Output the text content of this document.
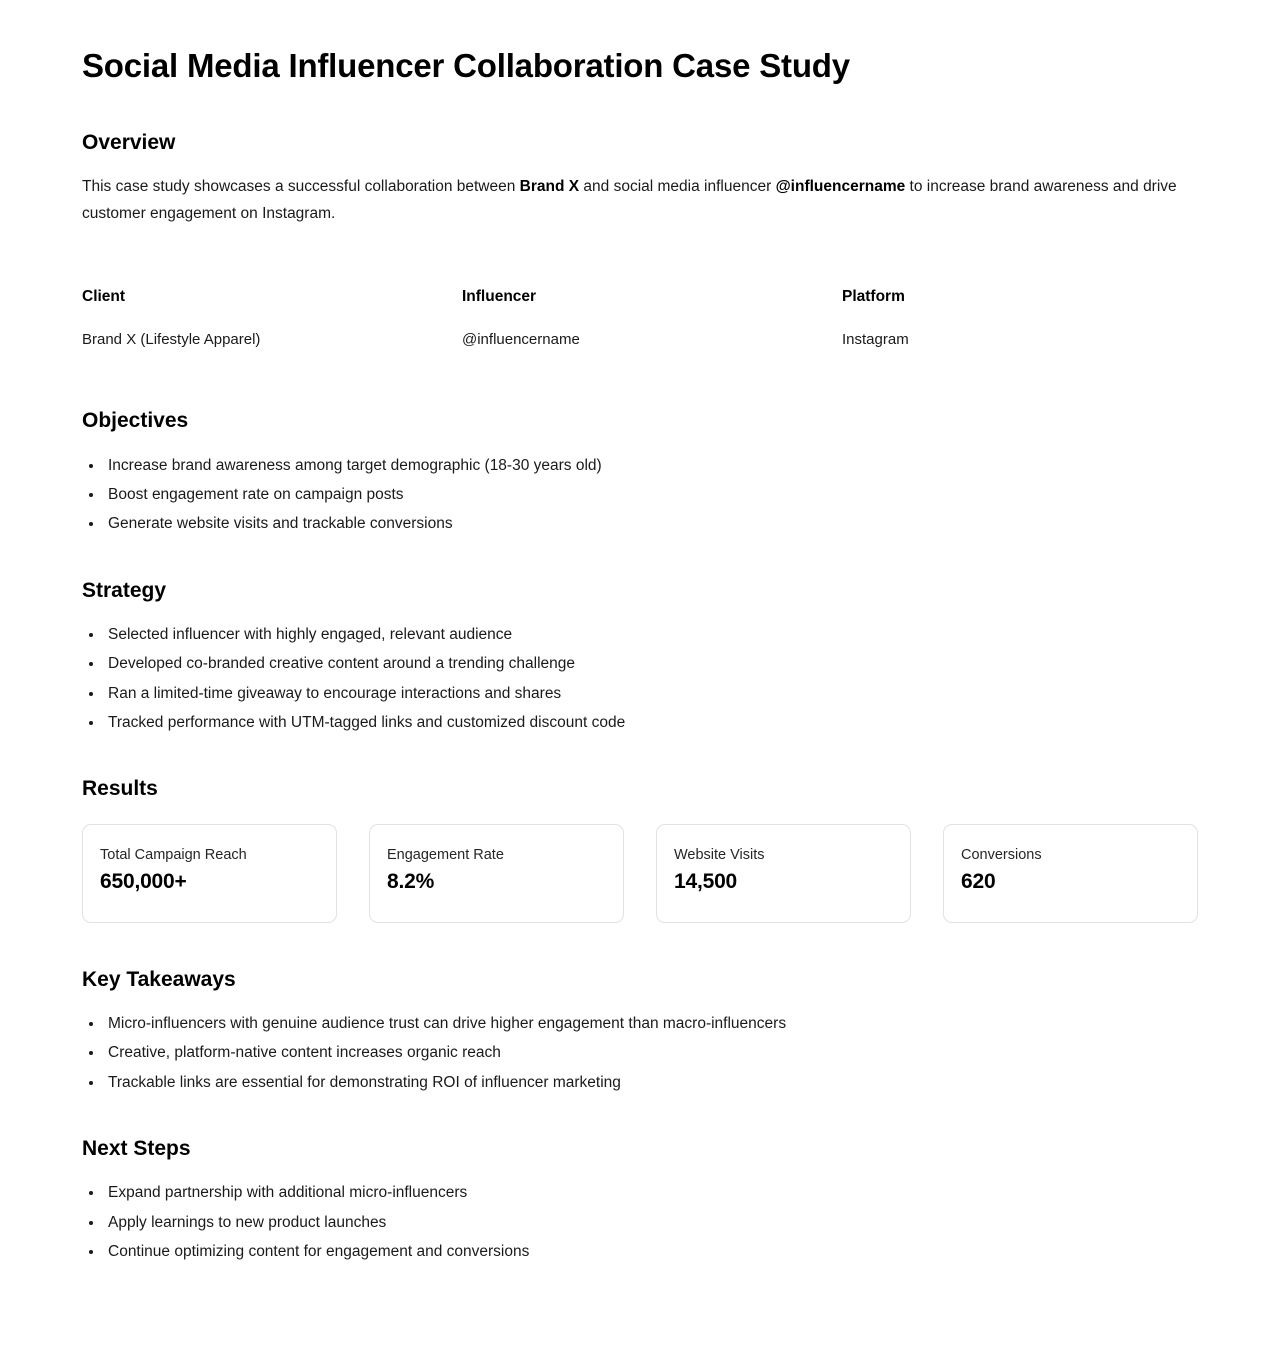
Social Media Influencer Collaboration Case Study
Overview

This case study showcases a successful collaboration between Brand X and social media influencer @influencername to increase brand awareness and drive customer engagement on Instagram.

Client
Brand X (Lifestyle Apparel)
Influencer
@influencername
Platform
Instagram
Objectives
• Increase brand awareness among target demographic (18-30 years old)
• Boost engagement rate on campaign posts
• Generate website visits and trackable conversions
Strategy
• Selected influencer with highly engaged, relevant audience
• Developed co-branded creative content around a trending challenge
• Ran a limited-time giveaway to encourage interactions and shares
• Tracked performance with UTM-tagged links and customized discount code
Results
Total Campaign Reach
650,000+
Engagement Rate
8.2%
Website Visits
14,500
Conversions
620
Key Takeaways
• Micro-influencers with genuine audience trust can drive higher engagement than macro-influencers
• Creative, platform-native content increases organic reach
• Trackable links are essential for demonstrating ROI of influencer marketing
Next Steps
• Expand partnership with additional micro-influencers
• Apply learnings to new product launches
• Continue optimizing content for engagement and conversions
